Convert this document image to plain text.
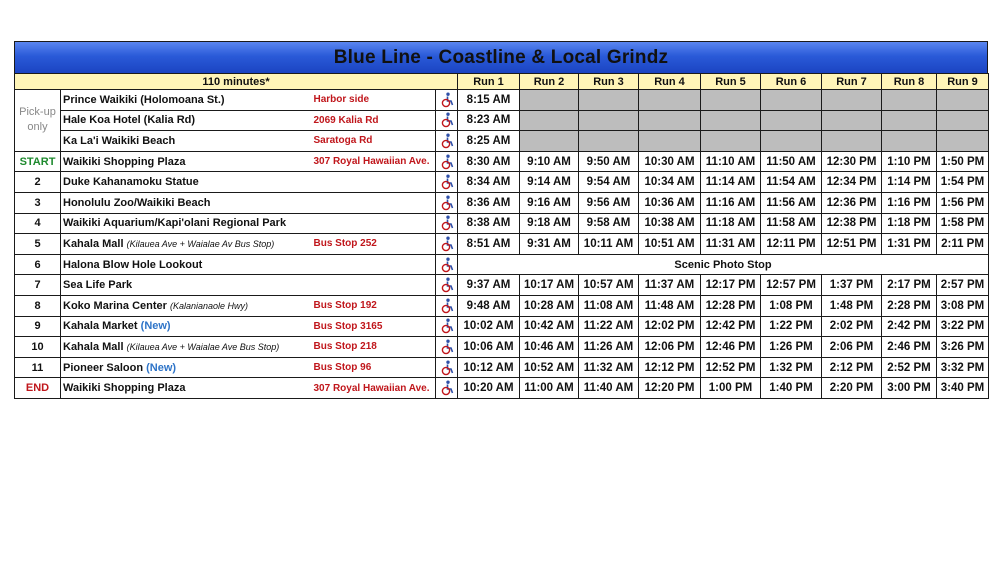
Blue Line - Coastline & Local Grindz
110 minutes*				Run 1	Run 2	Run 3	Run 4	Run 5	Run 6	Run 7	Run 8	Run 9
Pick-up only	Prince Waikiki (Holomoana St.)	Harbor side		8:15 AM								
	Hale Koa Hotel (Kalia Rd)	2069 Kalia Rd		8:23 AM								
	Ka La'i Waikiki Beach	Saratoga Rd		8:25 AM								
START	Waikiki Shopping Plaza	307 Royal Hawaiian Ave.		8:30 AM	9:10 AM	9:50 AM	10:30 AM	11:10 AM	11:50 AM	12:30 PM	1:10 PM	1:50 PM
2	Duke Kahanamoku Statue			8:34 AM	9:14 AM	9:54 AM	10:34 AM	11:14 AM	11:54 AM	12:34 PM	1:14 PM	1:54 PM
3	Honolulu Zoo/Waikiki Beach			8:36 AM	9:16 AM	9:56 AM	10:36 AM	11:16 AM	11:56 AM	12:36 PM	1:16 PM	1:56 PM
4	Waikiki Aquarium/Kapi'olani Regional Park			8:38 AM	9:18 AM	9:58 AM	10:38 AM	11:18 AM	11:58 AM	12:38 PM	1:18 PM	1:58 PM
5	Kahala Mall (Kilauea Ave + Waialae Av Bus Stop)	Bus Stop 252		8:51 AM	9:31 AM	10:11 AM	10:51 AM	11:31 AM	12:11 PM	12:51 PM	1:31 PM	2:11 PM
6	Halona Blow Hole Lookout			Scenic Photo Stop								
7	Sea Life Park			9:37 AM	10:17 AM	10:57 AM	11:37 AM	12:17 PM	12:57 PM	1:37 PM	2:17 PM	2:57 PM
8	Koko Marina Center (Kalanianaole Hwy)	Bus Stop 192		9:48 AM	10:28 AM	11:08 AM	11:48 AM	12:28 PM	1:08 PM	1:48 PM	2:28 PM	3:08 PM
9	Kahala Market (New)	Bus Stop 3165		10:02 AM	10:42 AM	11:22 AM	12:02 PM	12:42 PM	1:22 PM	2:02 PM	2:42 PM	3:22 PM
10	Kahala Mall (Kilauea Ave + Waialae Ave Bus Stop)	Bus Stop 218		10:06 AM	10:46 AM	11:26 AM	12:06 PM	12:46 PM	1:26 PM	2:06 PM	2:46 PM	3:26 PM
11	Pioneer Saloon (New)	Bus Stop 96		10:12 AM	10:52 AM	11:32 AM	12:12 PM	12:52 PM	1:32 PM	2:12 PM	2:52 PM	3:32 PM
END	Waikiki Shopping Plaza	307 Royal Hawaiian Ave.		10:20 AM	11:00 AM	11:40 AM	12:20 PM	1:00 PM	1:40 PM	2:20 PM	3:00 PM	3:40 PM
